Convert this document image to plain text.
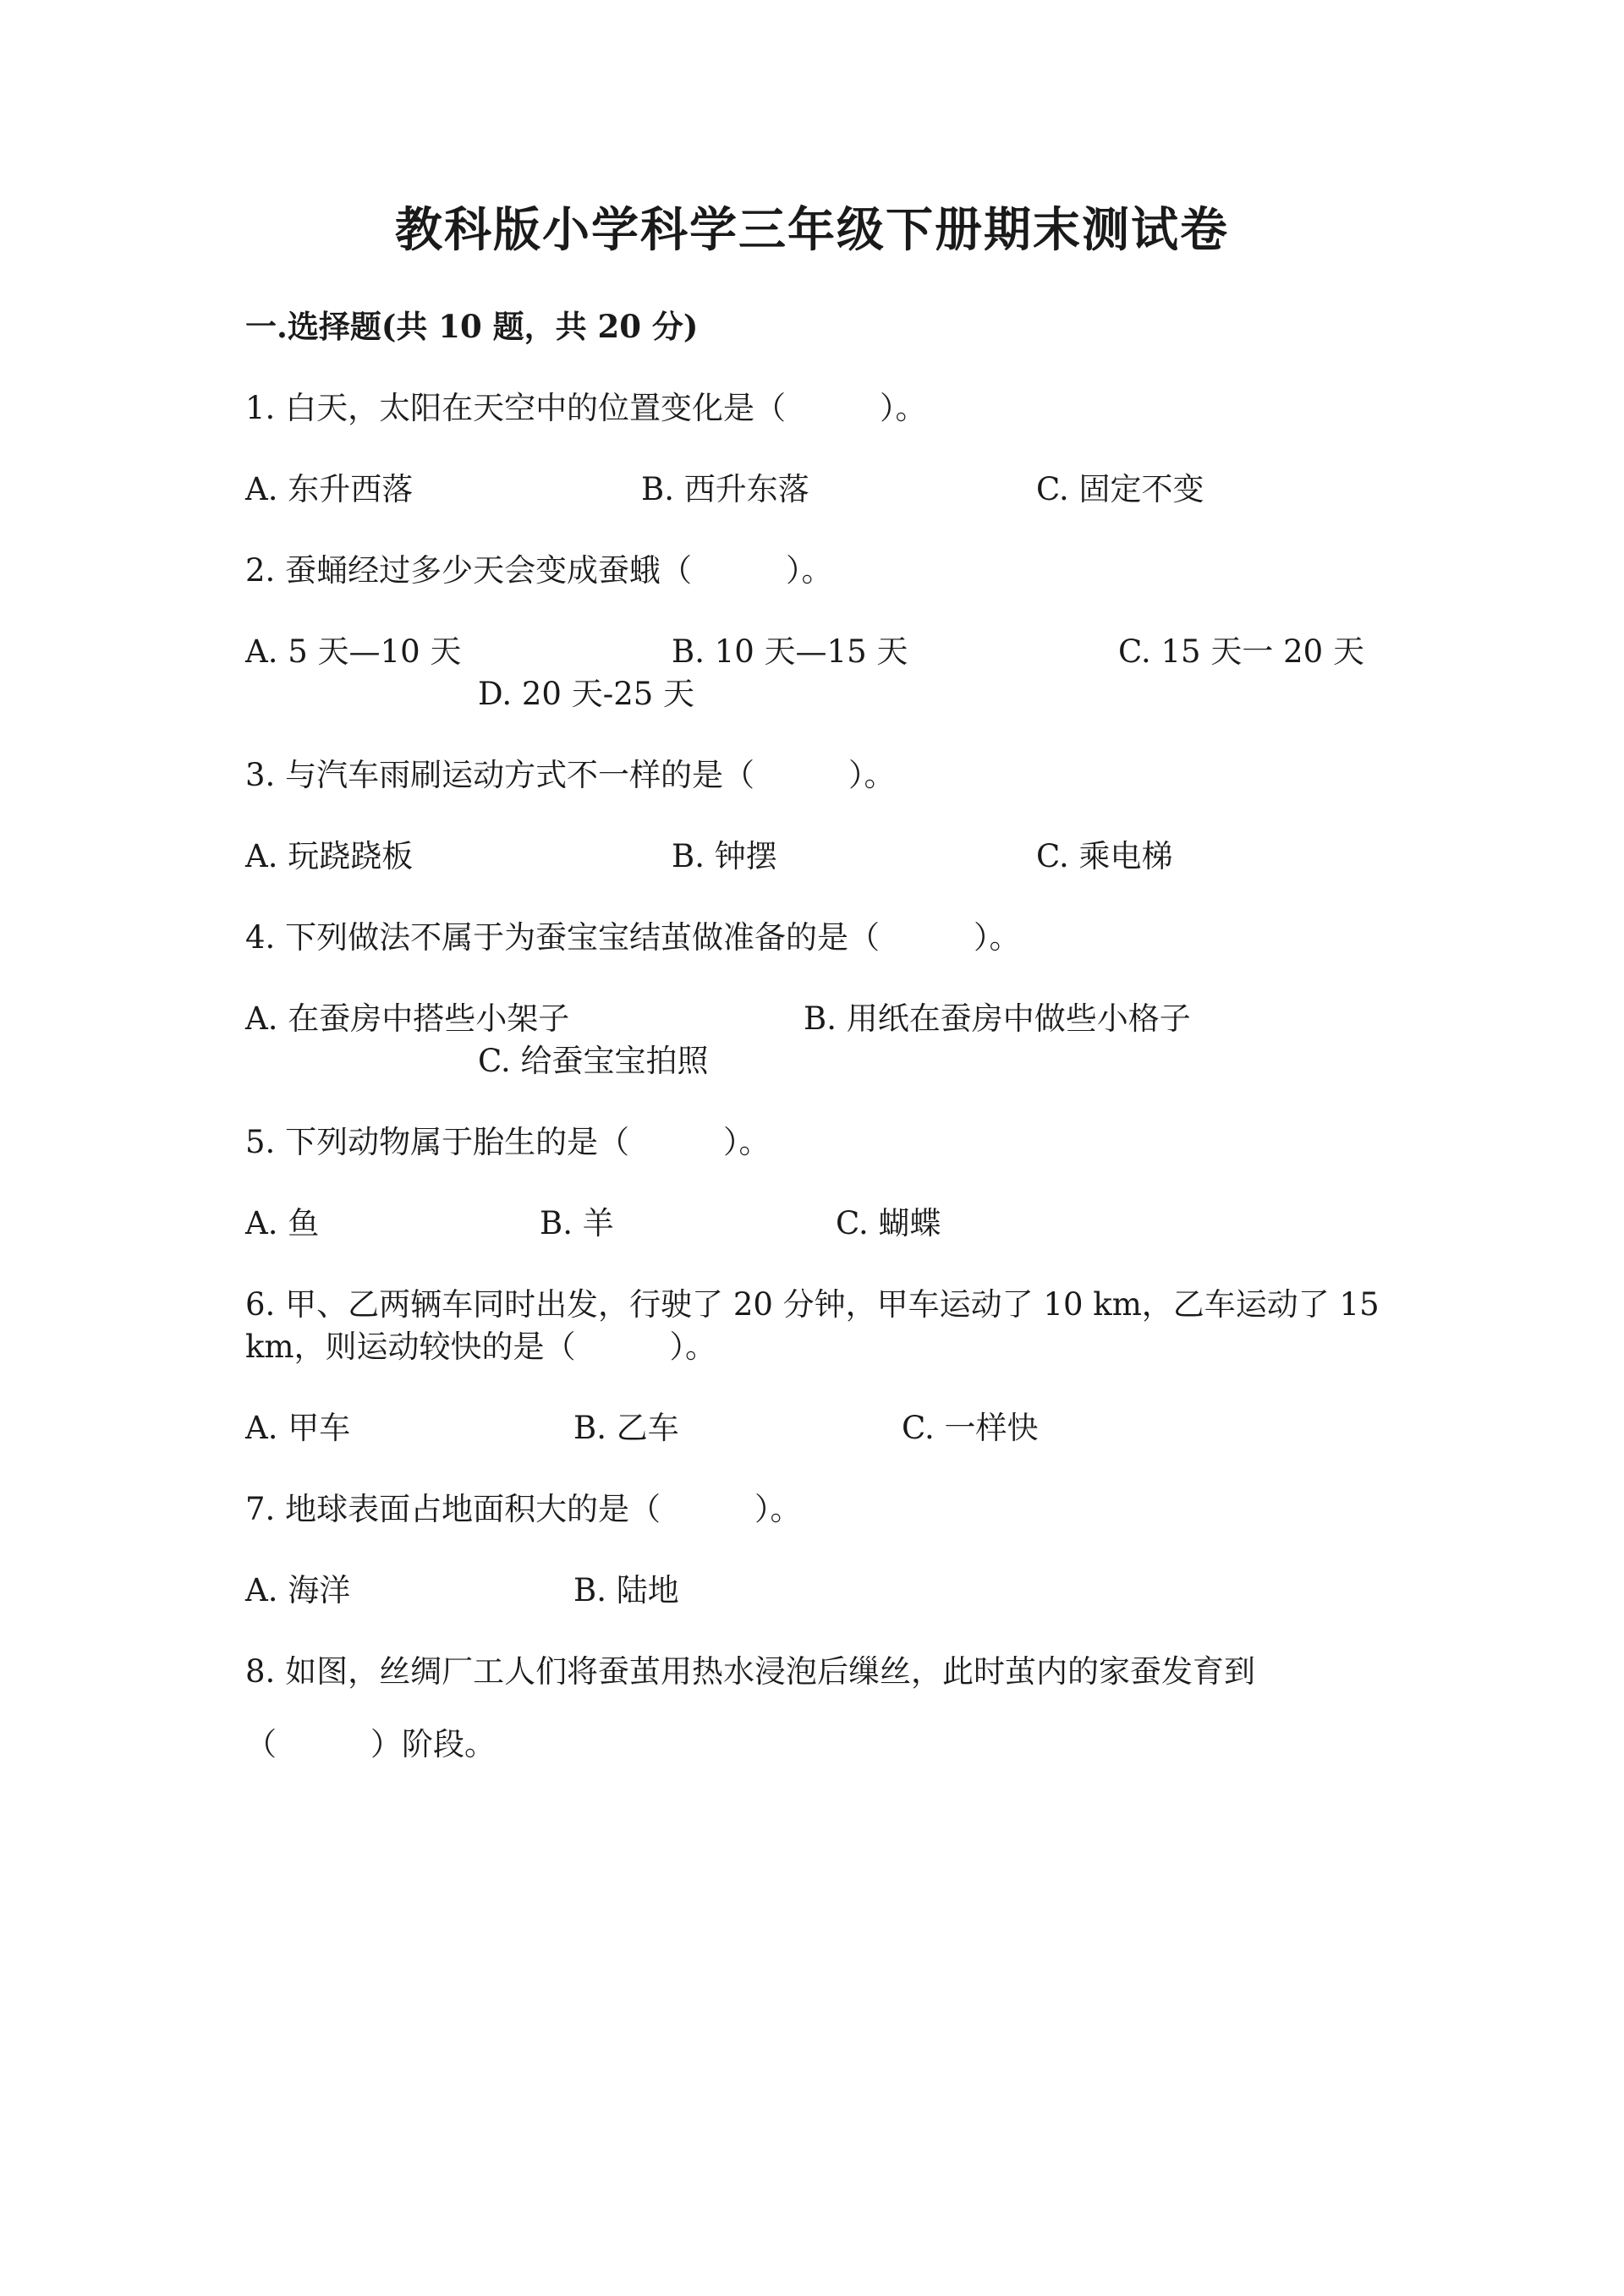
教科版小学科学三年级下册期末测试卷
一.选择题(共 10 题，共 20 分)
1. 白天，太阳在天空中的位置变化是（　　　）。
A. 东升西落	B. 西升东落	C. 固定不变
2. 蚕蛹经过多少天会变成蚕蛾（　　　）。
A. 5 天—10 天	B. 10 天—15 天	C. 15 天一 20 天
D. 20 天-25 天
3. 与汽车雨刷运动方式不一样的是（　　　）。
A. 玩跷跷板	B. 钟摆	C. 乘电梯
4. 下列做法不属于为蚕宝宝结茧做准备的是（　　　）。
A. 在蚕房中搭些小架子	B. 用纸在蚕房中做些小格子
C. 给蚕宝宝拍照
5. 下列动物属于胎生的是（　　　）。
A. 鱼	B. 羊	C. 蝴蝶
6. 甲、乙两辆车同时出发，行驶了 20 分钟，甲车运动了 10 km，乙车运动了 15
km，则运动较快的是（　　　）。
A. 甲车	B. 乙车	C. 一样快
7. 地球表面占地面积大的是（　　　）。
A. 海洋	B. 陆地
8. 如图，丝绸厂工人们将蚕茧用热水浸泡后缫丝，此时茧内的家蚕发育到
（　　　）阶段。
